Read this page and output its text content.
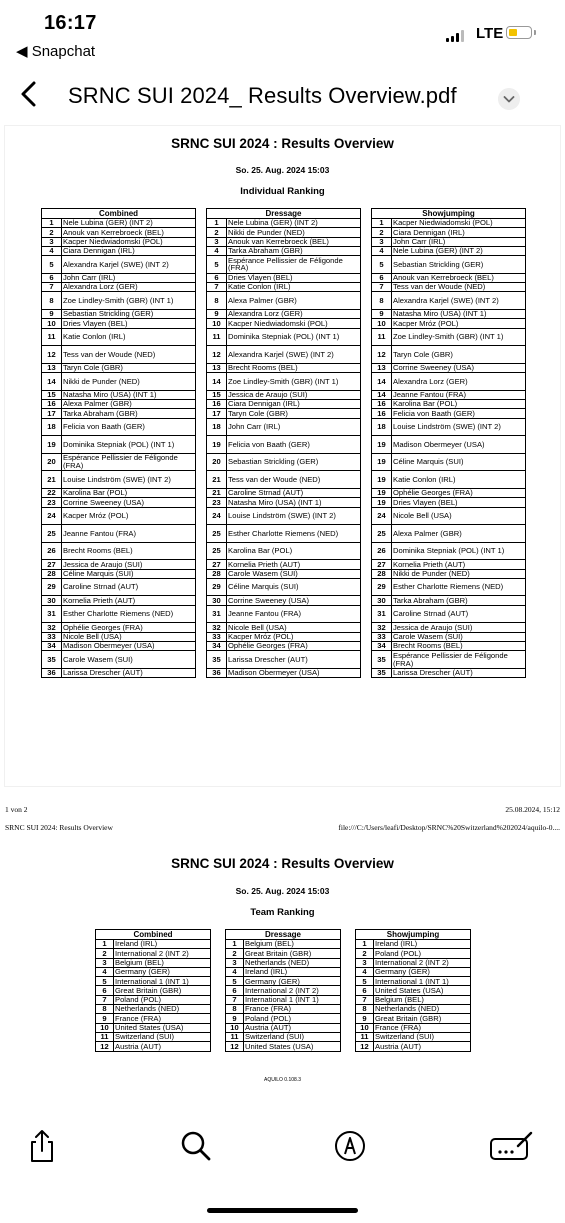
16:17
◀ Snapchat
LTE
SRNC SUI 2024_ Results Overview.pdf
SRNC SUI 2024 : Results Overview
So. 25. Aug. 2024 15:03
Individual Ranking
Combined	
1	Nele Lubina (GER) (INT 2)
2	Anouk van Kerrebroeck (BEL)
3	Kacper Niedwiadomski (POL)
4	Ciara Dennigan (IRL)
5	Alexandra Karjel (SWE) (INT 2)
6	John Carr (IRL)
7	Alexandra Lorz (GER)
8	Zoe Lindley-Smith (GBR) (INT 1)
9	Sebastian Strickling (GER)
10	Dries Vlayen (BEL)
11	Katie Conlon (IRL)
12	Tess van der Woude (NED)
13	Taryn Cole (GBR)
14	Nikki de Punder (NED)
15	Natasha Miro (USA) (INT 1)
16	Alexa Palmer (GBR)
17	Tarka Abraham (GBR)
18	Felicia von Baath (GER)
19	Dominika Stepniak (POL) (INT 1)
20	Espérance Pellissier de Féligonde (FRA)
21	Louise Lindström (SWE) (INT 2)
22	Karolina Bar (POL)
23	Corrine Sweeney (USA)
24	Kacper Mróz (POL)
25	Jeanne Fantou (FRA)
26	Brecht Rooms (BEL)
27	Jessica de Araujo (SUI)
28	Céline Marquis (SUI)
29	Caroline Strnad (AUT)
30	Kornelia Prieth (AUT)
31	Esther Charlotte Riemens (NED)
32	Ophélie Georges (FRA)
33	Nicole Bell (USA)
34	Madison Obermeyer (USA)
35	Carole Wasem (SUI)
36	Larissa Drescher (AUT)
Dressage	
1	Nele Lubina (GER) (INT 2)
2	Nikki de Punder (NED)
3	Anouk van Kerrebroeck (BEL)
4	Tarka Abraham (GBR)
5	Espérance Pellissier de Féligonde (FRA)
6	Dries Vlayen (BEL)
7	Katie Conlon (IRL)
8	Alexa Palmer (GBR)
9	Alexandra Lorz (GER)
10	Kacper Niedwiadomski (POL)
11	Dominika Stepniak (POL) (INT 1)
12	Alexandra Karjel (SWE) (INT 2)
13	Brecht Rooms (BEL)
14	Zoe Lindley-Smith (GBR) (INT 1)
15	Jessica de Araujo (SUI)
16	Ciara Dennigan (IRL)
17	Taryn Cole (GBR)
18	John Carr (IRL)
19	Felicia von Baath (GER)
20	Sebastian Strickling (GER)
21	Tess van der Woude (NED)
21	Caroline Strnad (AUT)
23	Natasha Miro (USA) (INT 1)
24	Louise Lindström (SWE) (INT 2)
25	Esther Charlotte Riemens (NED)
25	Karolina Bar (POL)
27	Kornelia Prieth (AUT)
28	Carole Wasem (SUI)
29	Céline Marquis (SUI)
30	Corrine Sweeney (USA)
31	Jeanne Fantou (FRA)
32	Nicole Bell (USA)
33	Kacper Mróz (POL)
34	Ophélie Georges (FRA)
35	Larissa Drescher (AUT)
36	Madison Obermeyer (USA)
Showjumping	
1	Kacper Niedwiadomski (POL)
2	Ciara Dennigan (IRL)
3	John Carr (IRL)
4	Nele Lubina (GER) (INT 2)
5	Sebastian Strickling (GER)
6	Anouk van Kerrebroeck (BEL)
7	Tess van der Woude (NED)
8	Alexandra Karjel (SWE) (INT 2)
9	Natasha Miro (USA) (INT 1)
10	Kacper Mróz (POL)
11	Zoe Lindley-Smith (GBR) (INT 1)
12	Taryn Cole (GBR)
13	Corrine Sweeney (USA)
14	Alexandra Lorz (GER)
14	Jeanne Fantou (FRA)
16	Karolina Bar (POL)
16	Felicia von Baath (GER)
18	Louise Lindström (SWE) (INT 2)
19	Madison Obermeyer (USA)
19	Céline Marquis (SUI)
19	Katie Conlon (IRL)
19	Ophélie Georges (FRA)
19	Dries Vlayen (BEL)
24	Nicole Bell (USA)
25	Alexa Palmer (GBR)
26	Dominika Stepniak (POL) (INT 1)
27	Kornelia Prieth (AUT)
28	Nikki de Punder (NED)
29	Esther Charlotte Riemens (NED)
30	Tarka Abraham (GBR)
31	Caroline Strnad (AUT)
32	Jessica de Araujo (SUI)
33	Carole Wasem (SUI)
34	Brecht Rooms (BEL)
35	Espérance Pellissier de Féligonde (FRA)
35	Larissa Drescher (AUT)
1 von 2	25.08.2024, 15:12
SRNC SUI 2024: Results Overview	file:///C:/Users/leafi/Desktop/SRNC%20Switzerland%202024/aquilo-0....
SRNC SUI 2024 : Results Overview
So. 25. Aug. 2024 15:03
Team Ranking
Combined	
1	Ireland (IRL)
2	International 2 (INT 2)
3	Belgium (BEL)
4	Germany (GER)
5	International 1 (INT 1)
6	Great Britain (GBR)
7	Poland (POL)
8	Netherlands (NED)
9	France (FRA)
10	United States (USA)
11	Switzerland (SUI)
12	Austria (AUT)
Dressage	
1	Belgium (BEL)
2	Great Britain (GBR)
3	Netherlands (NED)
4	Ireland (IRL)
5	Germany (GER)
6	International 2 (INT 2)
7	International 1 (INT 1)
8	France (FRA)
9	Poland (POL)
10	Austria (AUT)
11	Switzerland (SUI)
12	United States (USA)
Showjumping	
1	Ireland (IRL)
2	Poland (POL)
3	International 2 (INT 2)
4	Germany (GER)
5	International 1 (INT 1)
6	United States (USA)
7	Belgium (BEL)
8	Netherlands (NED)
9	Great Britain (GBR)
10	France (FRA)
11	Switzerland (SUI)
12	Austria (AUT)
AQUILO 0.108.3
